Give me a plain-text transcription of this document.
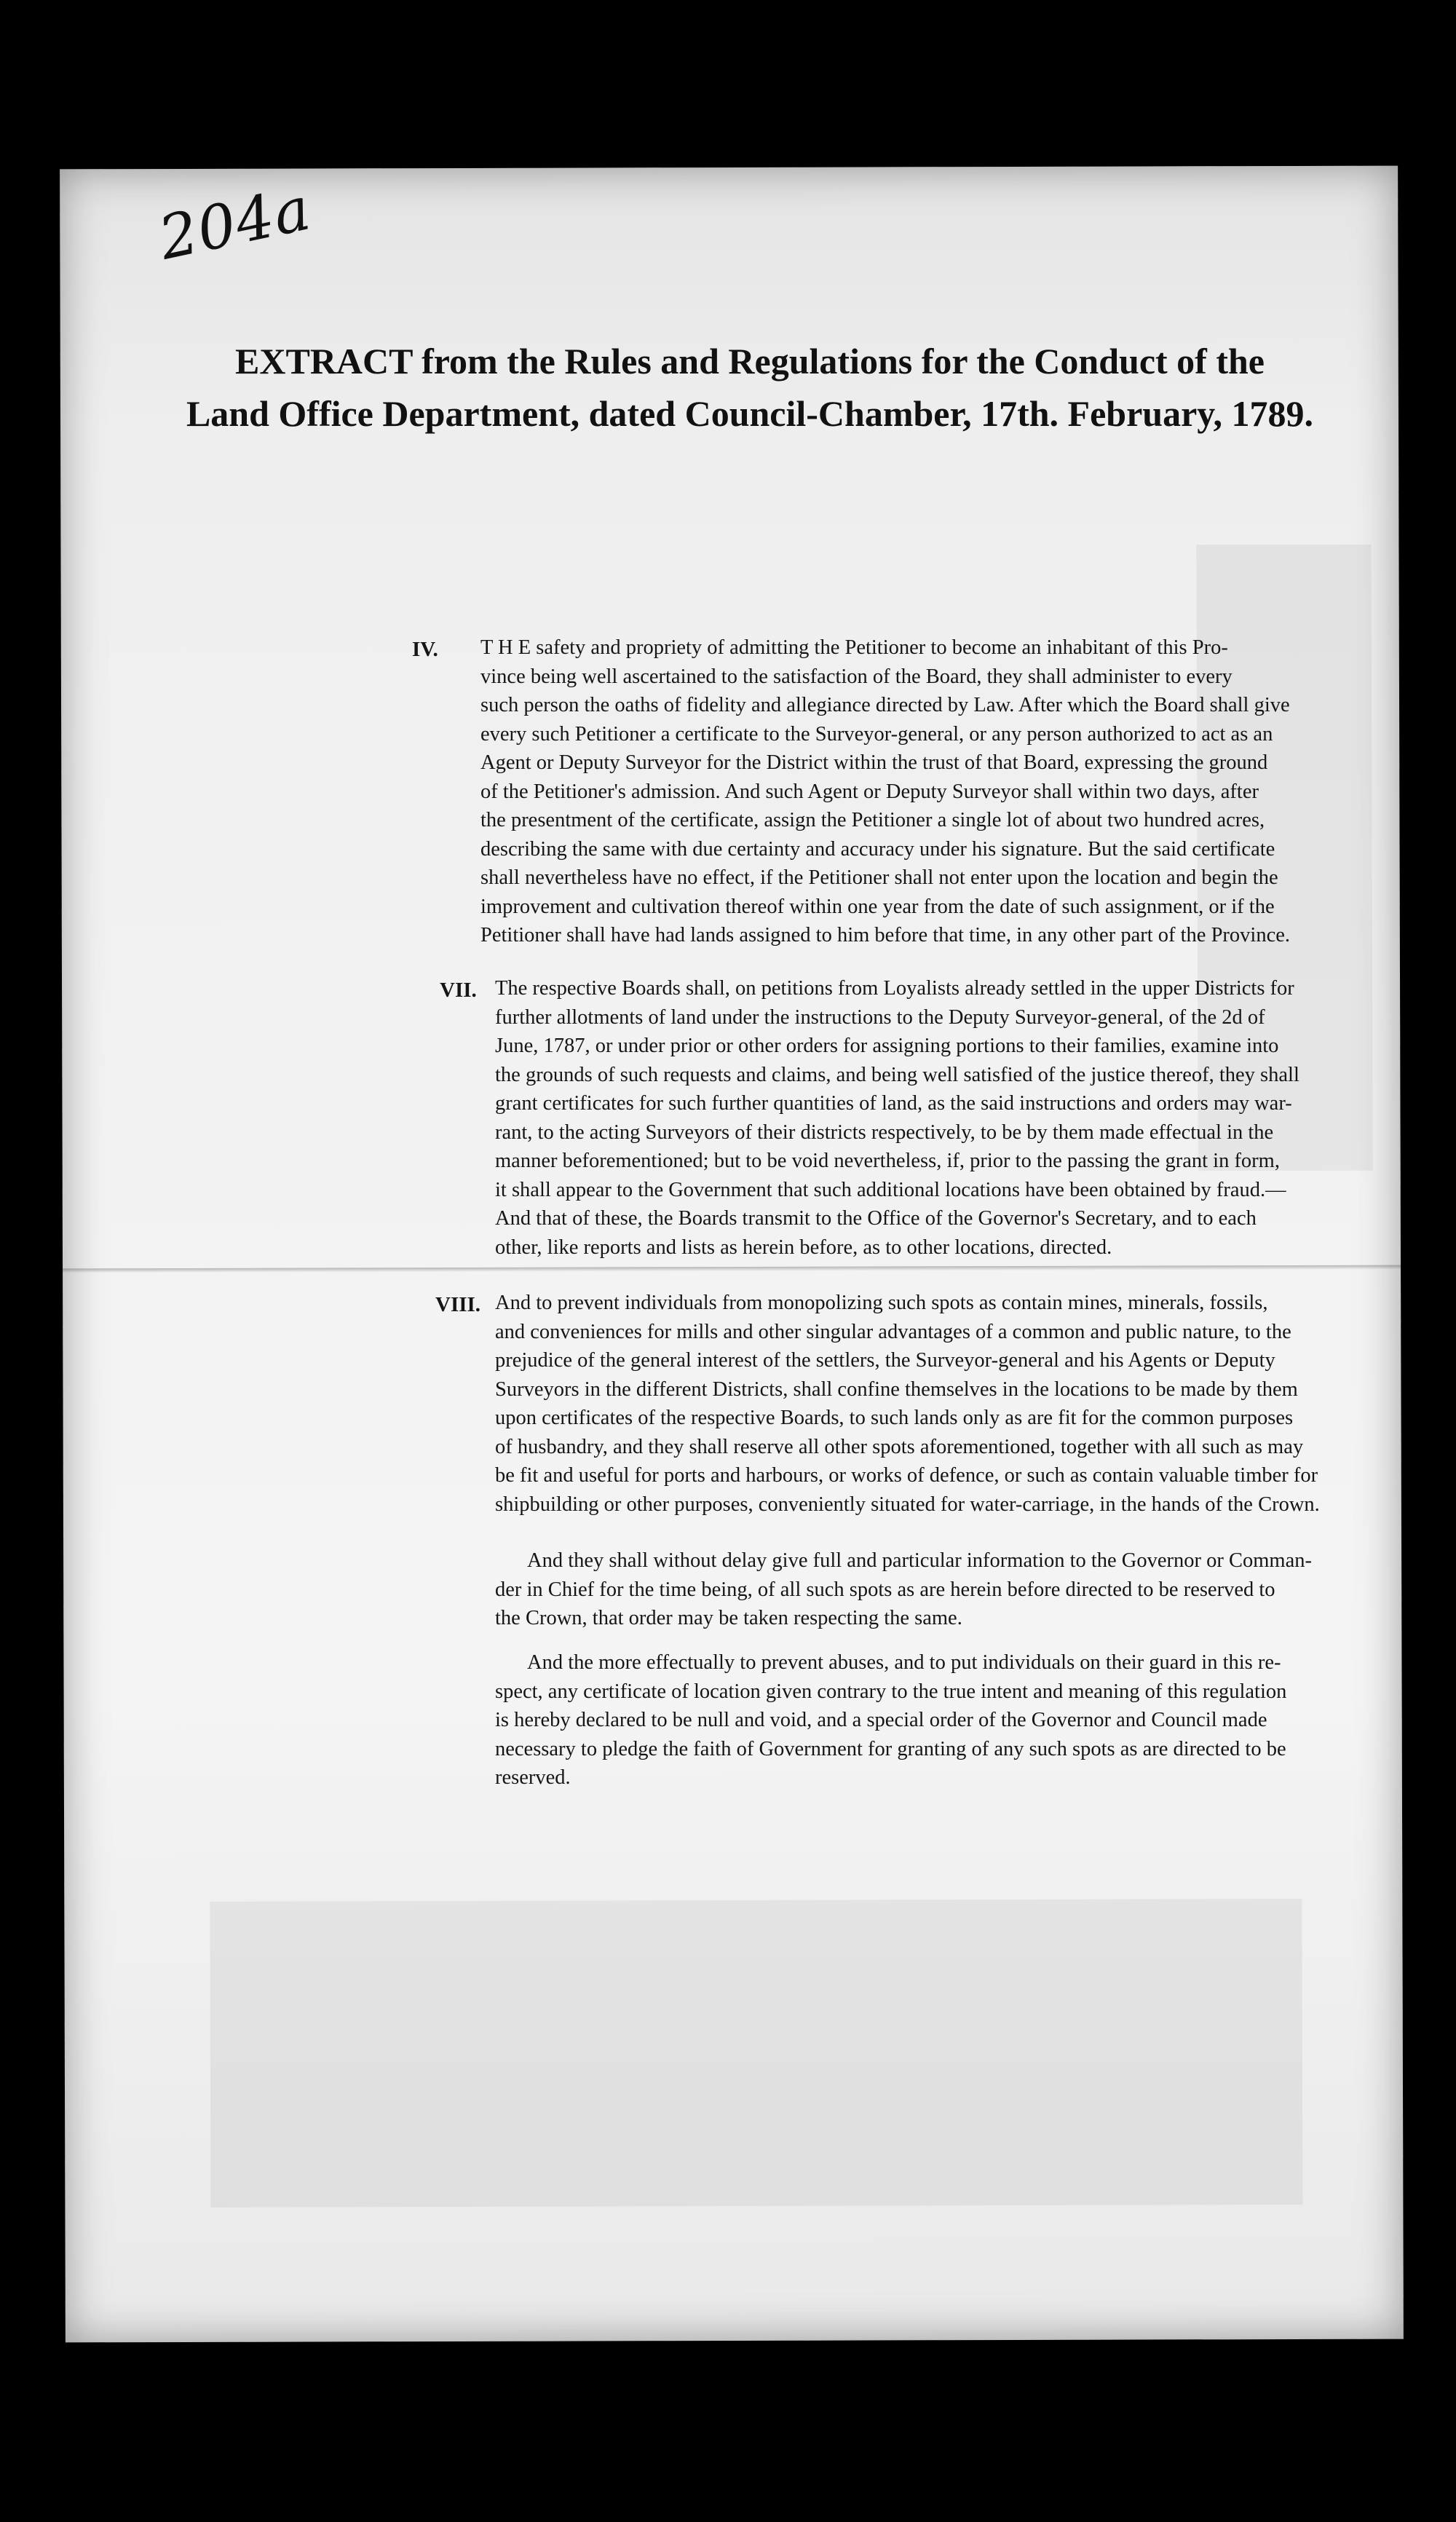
204a
EXTRACT from the Rules and Regulations for the Conduct of the
Land Office Department, dated Council-Chamber, 17th. February, 1789.
IV. T H E safety and propriety of admitting the Petitioner to become an inhabitant of this Pro-
vince being well ascertained to the satisfaction of the Board, they shall administer to every
such person the oaths of fidelity and allegiance directed by Law. After which the Board shall give
every such Petitioner a certificate to the Surveyor-general, or any person authorized to act as an
Agent or Deputy Surveyor for the District within the trust of that Board, expressing the ground
of the Petitioner's admission. And such Agent or Deputy Surveyor shall within two days, after
the presentment of the certificate, assign the Petitioner a single lot of about two hundred acres,
describing the same with due certainty and accuracy under his signature. But the said certificate
shall nevertheless have no effect, if the Petitioner shall not enter upon the location and begin the
improvement and cultivation thereof within one year from the date of such assignment, or if the
Petitioner shall have had lands assigned to him before that time, in any other part of the Province.
VII. The respective Boards shall, on petitions from Loyalists already settled in the upper Districts for
further allotments of land under the instructions to the Deputy Surveyor-general, of the 2d of
June, 1787, or under prior or other orders for assigning portions to their families, examine into
the grounds of such requests and claims, and being well satisfied of the justice thereof, they shall
grant certificates for such further quantities of land, as the said instructions and orders may war-
rant, to the acting Surveyors of their districts respectively, to be by them made effectual in the
manner beforementioned; but to be void nevertheless, if, prior to the passing the grant in form,
it shall appear to the Government that such additional locations have been obtained by fraud.—
And that of these, the Boards transmit to the Office of the Governor's Secretary, and to each
other, like reports and lists as herein before, as to other locations, directed.
VIII. And to prevent individuals from monopolizing such spots as contain mines, minerals, fossils,
and conveniences for mills and other singular advantages of a common and public nature, to the
prejudice of the general interest of the settlers, the Surveyor-general and his Agents or Deputy
Surveyors in the different Districts, shall confine themselves in the locations to be made by them
upon certificates of the respective Boards, to such lands only as are fit for the common purposes
of husbandry, and they shall reserve all other spots aforementioned, together with all such as may
be fit and useful for ports and harbours, or works of defence, or such as contain valuable timber for
shipbuilding or other purposes, conveniently situated for water-carriage, in the hands of the Crown.
And they shall without delay give full and particular information to the Governor or Comman-
der in Chief for the time being, of all such spots as are herein before directed to be reserved to
the Crown, that order may be taken respecting the same.
And the more effectually to prevent abuses, and to put individuals on their guard in this re-
spect, any certificate of location given contrary to the true intent and meaning of this regulation
is hereby declared to be null and void, and a special order of the Governor and Council made
necessary to pledge the faith of Government for granting of any such spots as are directed to be
reserved.
